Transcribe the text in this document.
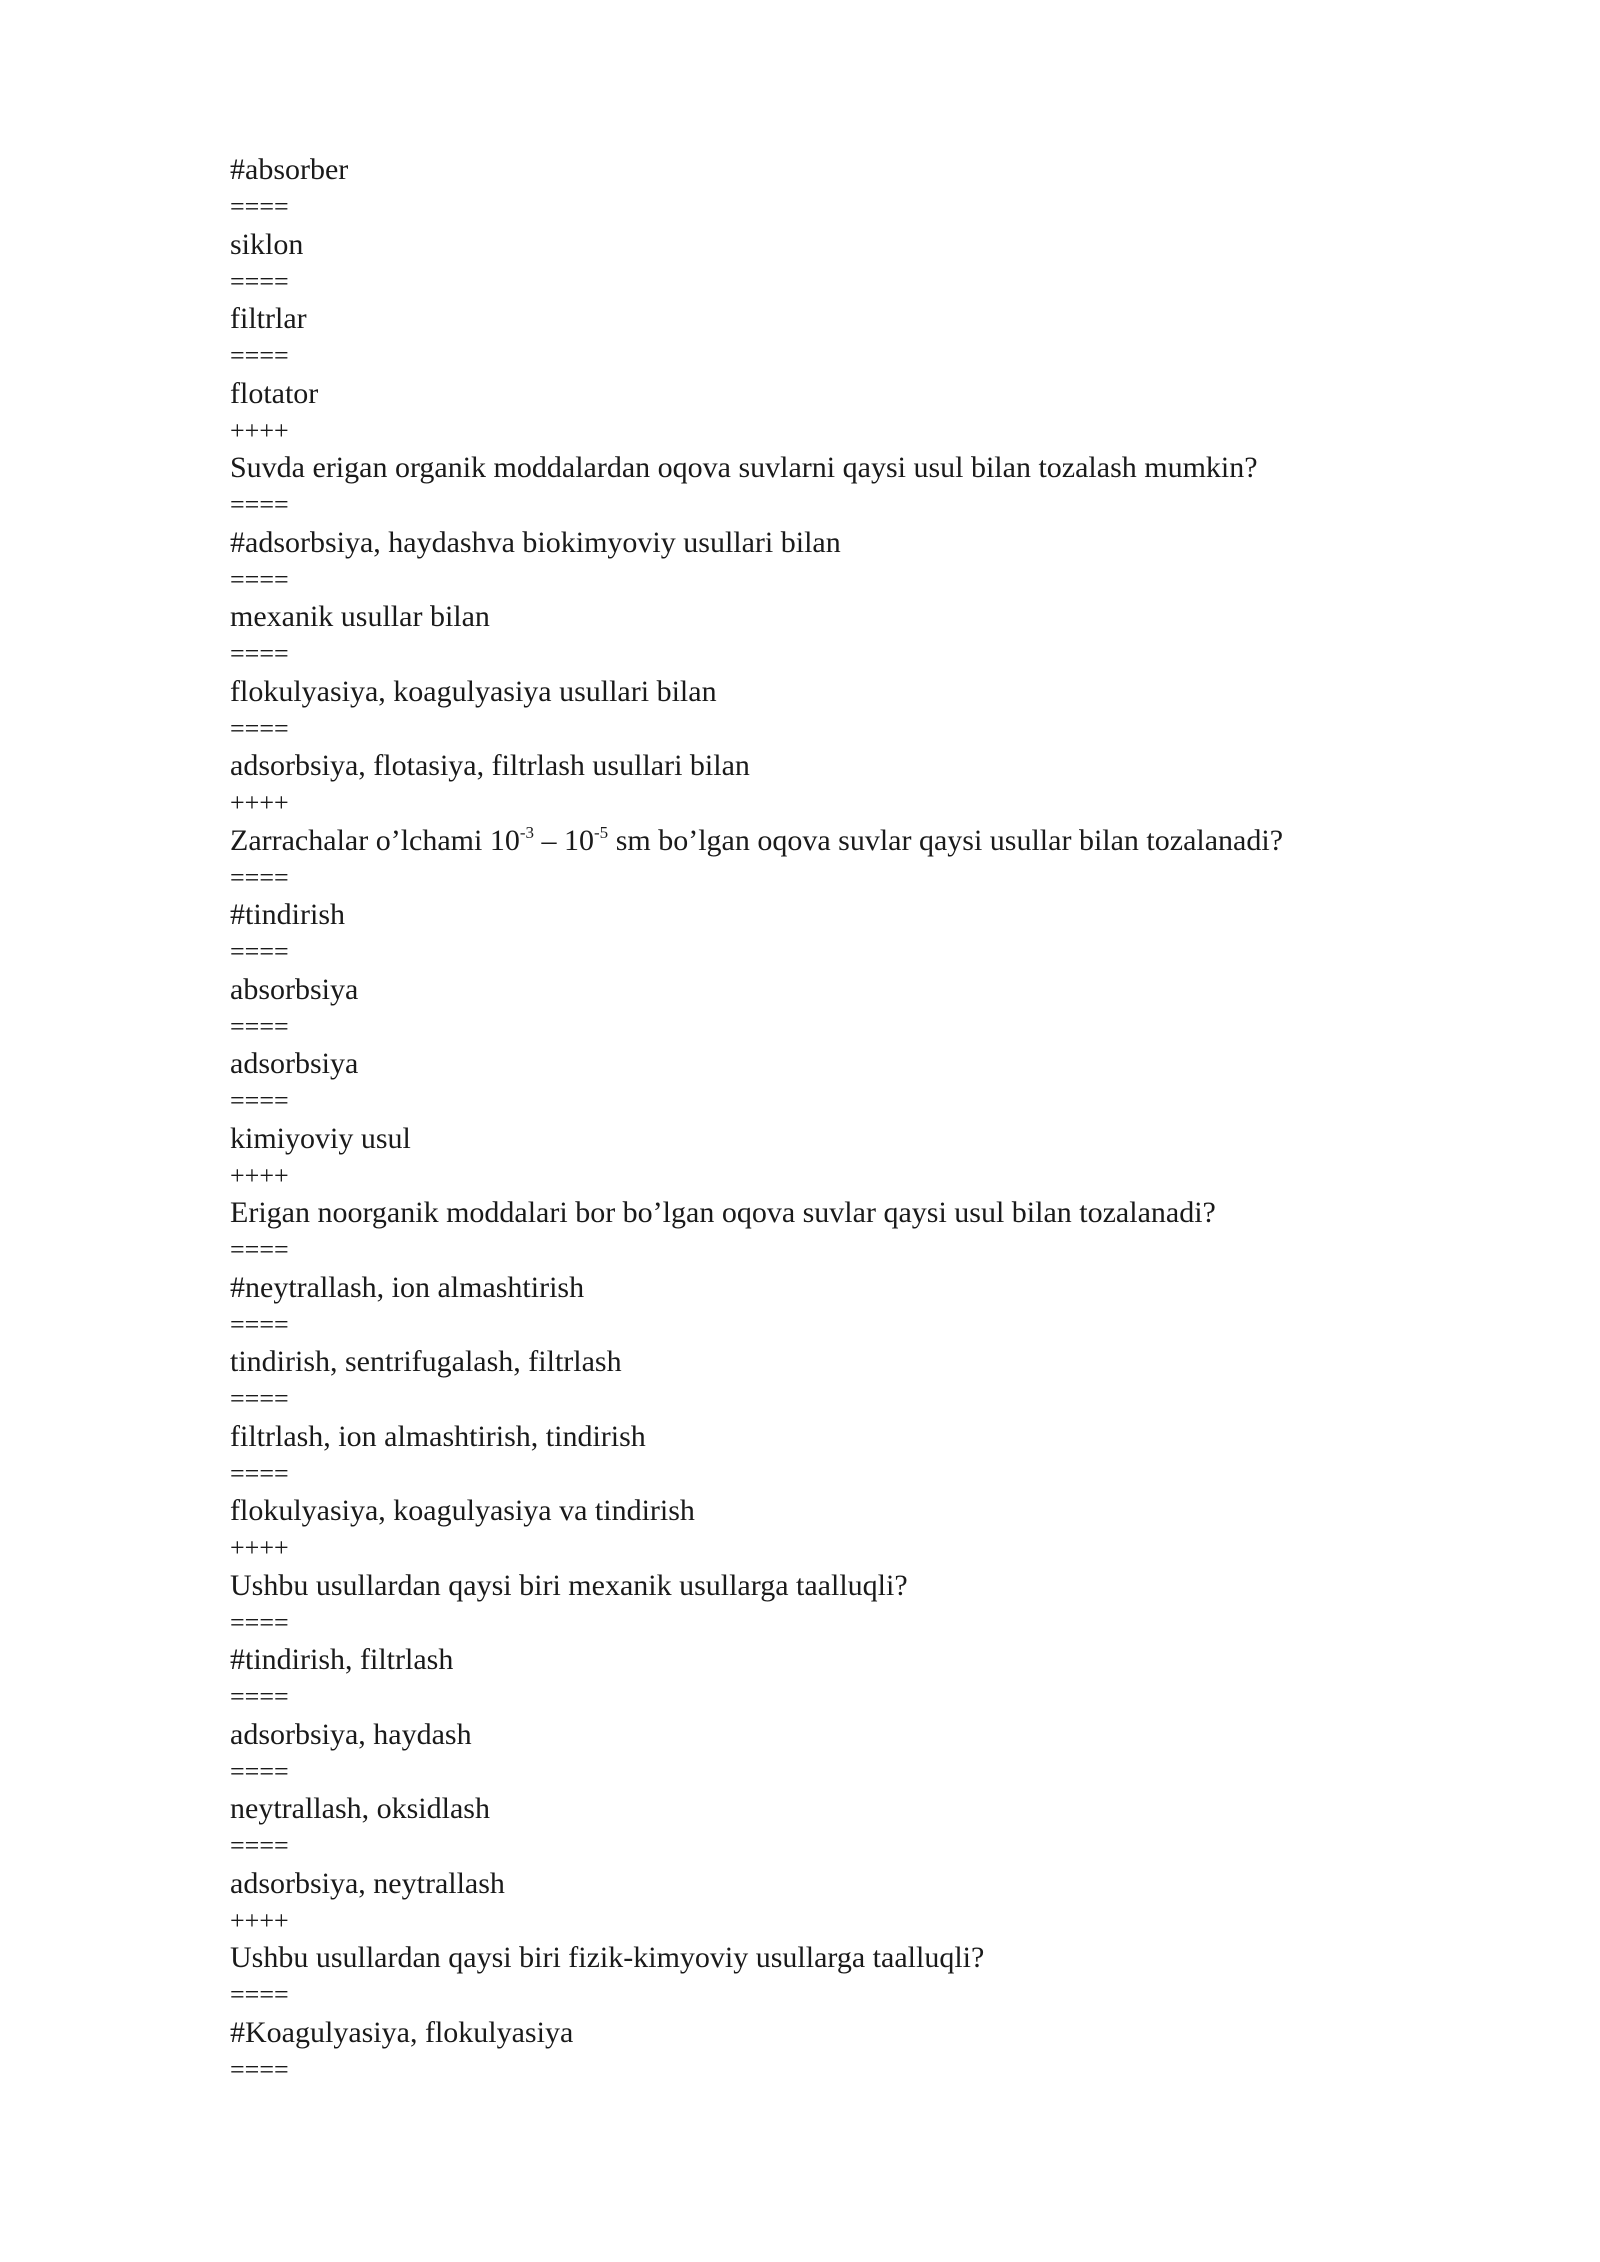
#absorber
====
siklon
====
filtrlar
====
flotator
++++
Suvda erigan organik moddalardan oqova suvlarni qaysi usul bilan tozalash mumkin?
====
#adsorbsiya, haydashva biokimyoviy usullari bilan
====
mexanik usullar bilan
====
flokulyasiya, koagulyasiya usullari bilan
====
adsorbsiya, flotasiya, filtrlash usullari bilan
++++
Zarrachalar o’lchami $10^{-3} - 10^{-5}$ sm bo’lgan oqova suvlar qaysi usullar bilan tozalanadi?
====
#tindirish
====
absorbsiya
====
adsorbsiya
====
kimiyoviy usul
++++
Erigan noorganik moddalari bor bo’lgan oqova suvlar qaysi usul bilan tozalanadi?
====
#neytrallash, ion almashtirish
====
tindirish, sentrifugalash, filtrlash
====
filtrlash, ion almashtirish, tindirish
====
flokulyasiya, koagulyasiya va tindirish
++++
Ushbu usullardan qaysi biri mexanik usullarga taalluqli?
====
#tindirish, filtrlash
====
adsorbsiya, haydash
====
neytrallash, oksidlash
====
adsorbsiya, neytrallash
++++
Ushbu usullardan qaysi biri fizik-kimyoviy usullarga taalluqli?
====
#Koagulyasiya, flokulyasiya
====
